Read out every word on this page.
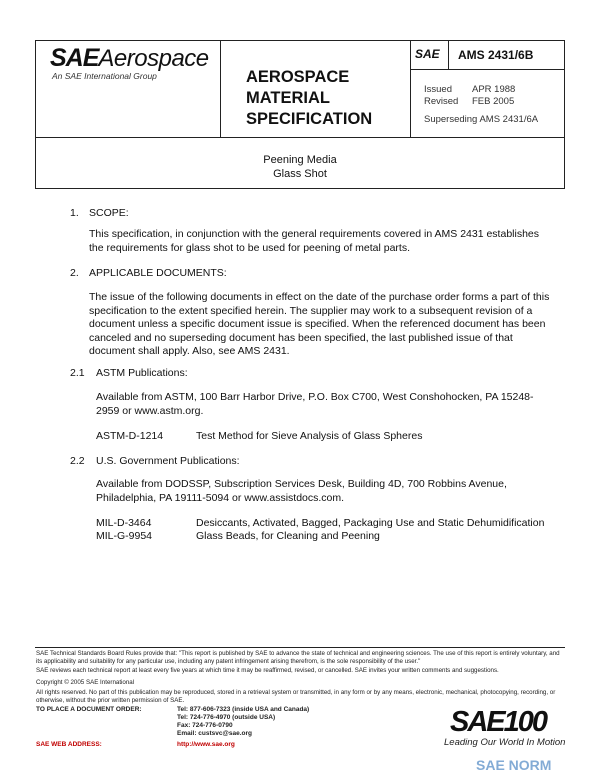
SAEAerospace
An SAE International Group	AEROSPACE
MATERIAL
SPECIFICATION
SAE AMS 2431/6B
Issued APR 1988
Revised FEB 2005
Superseding AMS 2431/6A
Peening Media
Glass Shot
1. SCOPE:
This specification, in conjunction with the general requirements covered in AMS 2431 establishes the requirements for glass shot to be used for peening of metal parts.
2. APPLICABLE DOCUMENTS:
The issue of the following documents in effect on the date of the purchase order forms a part of this specification to the extent specified herein. The supplier may work to a subsequent revision of a document unless a specific document issue is specified. When the referenced document has been canceled and no superseding document has been specified, the last published issue of that document shall apply. Also, see AMS 2431.
2.1 ASTM Publications:
Available from ASTM, 100 Barr Harbor Drive, P.O. Box C700, West Conshohocken, PA 15248-2959 or www.astm.org.
ASTM-D-1214	Test Method for Sieve Analysis of Glass Spheres
2.2 U.S. Government Publications:
Available from DODSSP, Subscription Services Desk, Building 4D, 700 Robbins Avenue, Philadelphia, PA 19111-5094 or www.assistdocs.com.
MIL-D-3464	Desiccants, Activated, Bagged, Packaging Use and Static Dehumidification
MIL-G-9954	Glass Beads, for Cleaning and Peening
SAE Technical Standards Board Rules provide that: "This report is published by SAE to advance the state of technical and engineering sciences. The use of this report is entirely voluntary, and its applicability and suitability for any particular use, including any patent infringement arising therefrom, is the sole responsibility of the user."
SAE reviews each technical report at least every five years at which time it may be reaffirmed, revised, or cancelled. SAE invites your written comments and suggestions.
Copyright © 2005 SAE International
All rights reserved. No part of this publication may be reproduced, stored in a retrieval system or transmitted, in any form or by any means, electronic, mechanical, photocopying, recording, or otherwise, without the prior written permission of SAE.
TO PLACE A DOCUMENT ORDER:	Tel: 877-606-7323 (inside USA and Canada)
Tel: 724-776-4970 (outside USA)
Fax: 724-776-0790
Email: custsvc@sae.org
SAE WEB ADDRESS:	http://www.sae.org
SAE100
Leading Our World In Motion
SAE NORM
